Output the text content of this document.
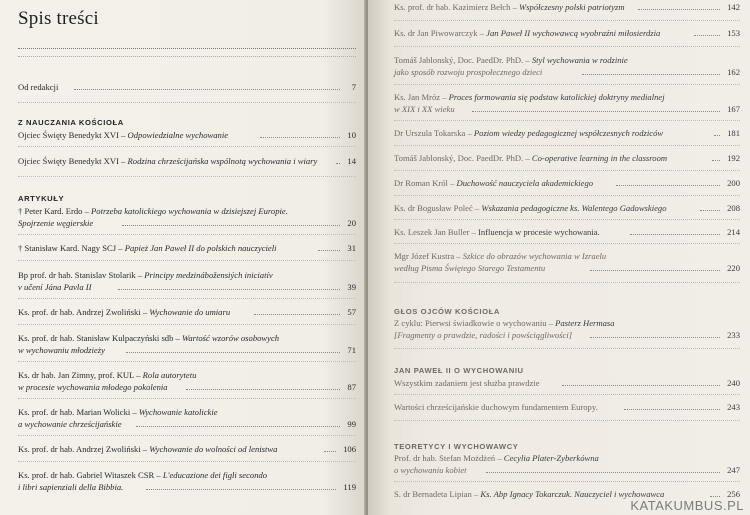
Spis treści
Od redakcji	7
Z NAUCZANIA KOŚCIOŁA
Ojciec Święty Benedykt XVI – Odpowiedzialne wychowanie	10
Ojciec Święty Benedykt XVI – Rodzina chrześcijańska wspólnotą wychowania i wiary	14
ARTYKUŁY
† Peter Kard. Erdo – Potrzeba katolickiego wychowania w dzisiejszej Europie.
Spojrzenie węgierskie	20
† Stanisław Kard. Nagy SCJ – Papież Jan Paweł II do polskich nauczycieli	31
Bp prof. dr hab. Stanislav Stolarik – Principy medzinábožensiých iniciatív
v učení Jána Pavla II	39
Ks. prof. dr hab. Andrzej Zwoliński – Wychowanie do umiaru	57
Ks. prof. dr hab. Stanisław Kulpaczyński sdb – Wartość wzorów osobowych
w wychowaniu młodzieży	71
Ks. dr hab. Jan Zimny, prof. KUL – Rola autorytetu
w procesie wychowania młodego pokolenia	87
Ks. prof. dr hab. Marian Wolicki – Wychowanie katolickie
a wychowanie chrześcijańskie	99
Ks. prof. dr hab. Andrzej Zwoliński – Wychowanie do wolności od lenistwa	106
Ks. prof. dr hab. Gabriel Witaszek CSR – L'educazione dei figli secondo
i libri sapienziali della Bibbia.	119
Ks. prof. dr hab. Kazimierz Bełch – Współczesny polski patriotyzm	142
Ks. dr Jan Piwowarczyk – Jan Paweł II wychowawcą wyobraźni miłosierdzia	153
Tomáš Jablonský, Doc. PaedDr. PhD. – Styl wychowania w rodzinie
jako sposób rozwoju prospołecznego dzieci	162
Ks. Jan Mróz – Proces formowania się podstaw katolickiej doktryny medialnej
w XIX i XX wieku	167
Dr Urszula Tokarska – Poziom wiedzy pedagogicznej współczesnych rodziców	181
Tomáš Jablonský, Doc. PaedDr. PhD. – Co-operative learning in the classroom	192
Dr Roman Król – Duchowość nauczyciela akademickiego	200
Ks. dr Bogusław Poleć – Wskazania pedagogiczne ks. Walentego Gadowskiego	208
Ks. Leszek Jan Buller – Influencja w procesie wychowania.	214
Mgr Józef Kustra – Szkice do obrazów wychowania w Izraelu
według Pisma Świętego Starego Testamentu	220
GŁOS OJCÓW KOŚCIOŁA
Z cyklu: Pierwsi świadkowie o wychowaniu – Pasterz Hermasa
[Fragmenty o prawdzie, radości i powściągliwości]	233
JAN PAWEŁ II O WYCHOWANIU
Wszystkim zadaniem jest służba prawdzie	240
Wartości chrześcijańskie duchowym fundamentem Europy.	243
TEORETYCY I WYCHOWAWCY
Prof. dr hab. Stefan Możdżeń – Cecylia Plater-Zyberkówna
o wychowaniu kobiet	247
S. dr Bernadeta Lipian – Ks. Abp Ignacy Tokarczuk. Nauczyciel i wychowawca	256
KATAKUMBUS.PL
